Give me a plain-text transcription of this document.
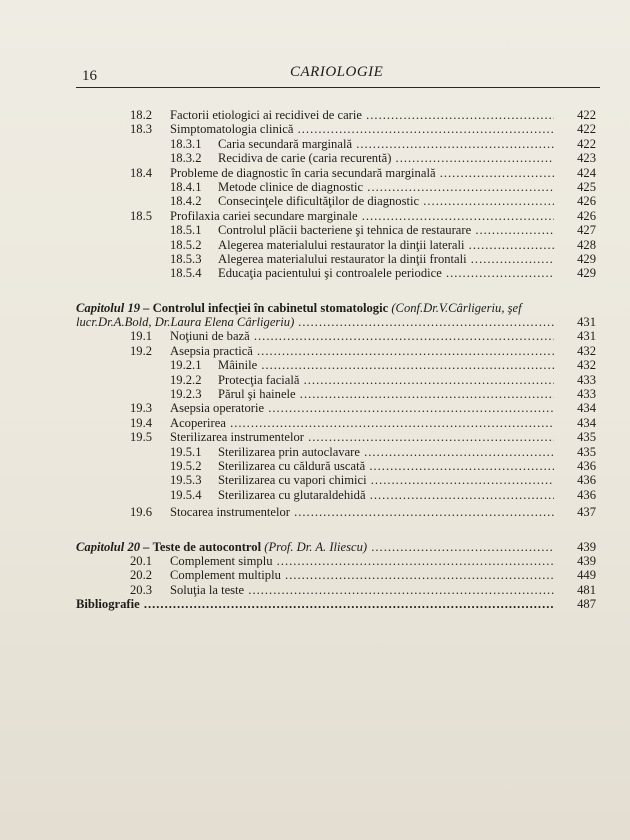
16	CARIOLOGIE
18.2 Factorii etiologici ai recidivei de carie .....	422
18.3 Simptomatologia clinică .....	422
18.3.1 Caria secundară marginală .....	422
18.3.2 Recidiva de carie (caria recurentă) .....	423
18.4 Probleme de diagnostic în caria secundară marginală .....	424
18.4.1 Metode clinice de diagnostic .....	425
18.4.2 Consecinţele dificultăţilor de diagnostic .....	426
18.5 Profilaxia cariei secundare marginale .....	426
18.5.1 Controlul plăcii bacteriene şi tehnica de restaurare .....	427
18.5.2 Alegerea materialului restaurator la dinţii laterali .....	428
18.5.3 Alegerea materialului restaurator la dinţii frontali .....	429
18.5.4 Educaţia pacientului şi controalele periodice .....	429
Capitolul 19 – Controlul infecţiei în cabinetul stomatologic (Conf.Dr.V.Cârligeriu, şef
lucr.Dr.A.Bold, Dr.Laura Elena Cârligeriu) .....	431
19.1 Noţiuni de bază .....	431
19.2 Asepsia practică .....	432
19.2.1 Mâinile .....	432
19.2.2 Protecţia facială .....	433
19.2.3 Părul şi hainele .....	433
19.3 Asepsia operatorie .....	434
19.4 Acoperirea .....	434
19.5 Sterilizarea instrumentelor .....	435
19.5.1 Sterilizarea prin autoclavare .....	435
19.5.2 Sterilizarea cu căldură uscată .....	436
19.5.3 Sterilizarea cu vapori chimici .....	436
19.5.4 Sterilizarea cu glutaraldehidă .....	436
19.6 Stocarea instrumentelor .....	437
Capitolul 20 – Teste de autocontrol (Prof. Dr. A. Iliescu) .....	439
20.1 Complement simplu .....	439
20.2 Complement multiplu .....	449
20.3 Soluţia la teste .....	481
Bibliografie .....	487
